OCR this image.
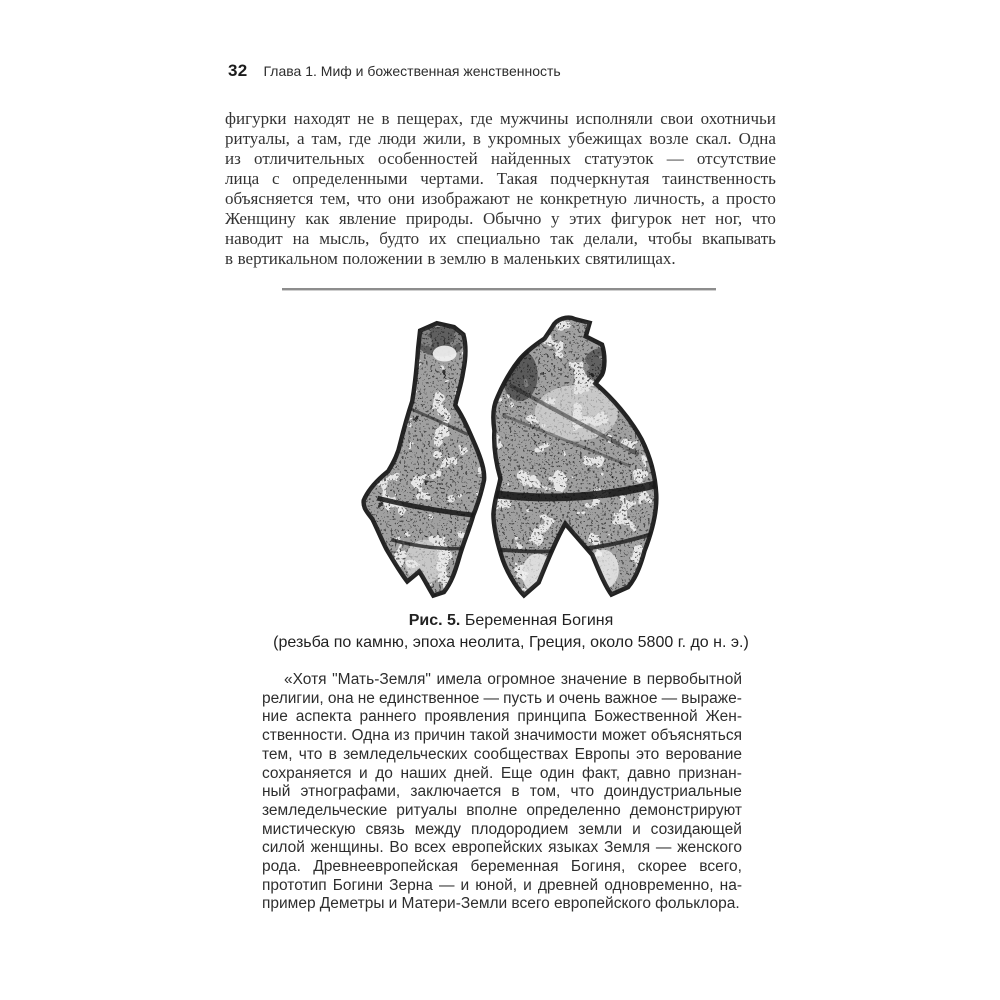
32 Глава 1. Миф и божественная женственность
фигурки находят не в пещерах, где мужчины исполняли свои охотничьи
ритуалы, а там, где люди жили, в укромных убежищах возле скал. Одна
из отличительных особенностей найденных статуэток — отсутствие
лица с определенными чертами. Такая подчеркнутая таинственность
объясняется тем, что они изображают не конкретную личность, а просто
Женщину как явление природы. Обычно у этих фигурок нет ног, что
наводит на мысль, будто их специально так делали, чтобы вкапывать
в вертикальном положении в землю в маленьких святилищах.
Рис. 5. Беременная Богиня
(резьба по камню, эпоха неолита, Греция, около 5800 г. до н. э.)
«Хотя "Мать-Земля" имела огромное значение в первобытной
религии, она не единственное — пусть и очень важное — выраже-
ние аспекта раннего проявления принципа Божественной Жен-
ственности. Одна из причин такой значимости может объясняться
тем, что в земледельческих сообществах Европы это верование
сохраняется и до наших дней. Еще один факт, давно признан-
ный этнографами, заключается в том, что доиндустриальные
земледельческие ритуалы вполне определенно демонстрируют
мистическую связь между плодородием земли и созидающей
силой женщины. Во всех европейских языках Земля — женского
рода. Древнеевропейская беременная Богиня, скорее всего,
прототип Богини Зерна — и юной, и древней одновременно, на-
пример Деметры и Матери-Земли всего европейского фольклора.
